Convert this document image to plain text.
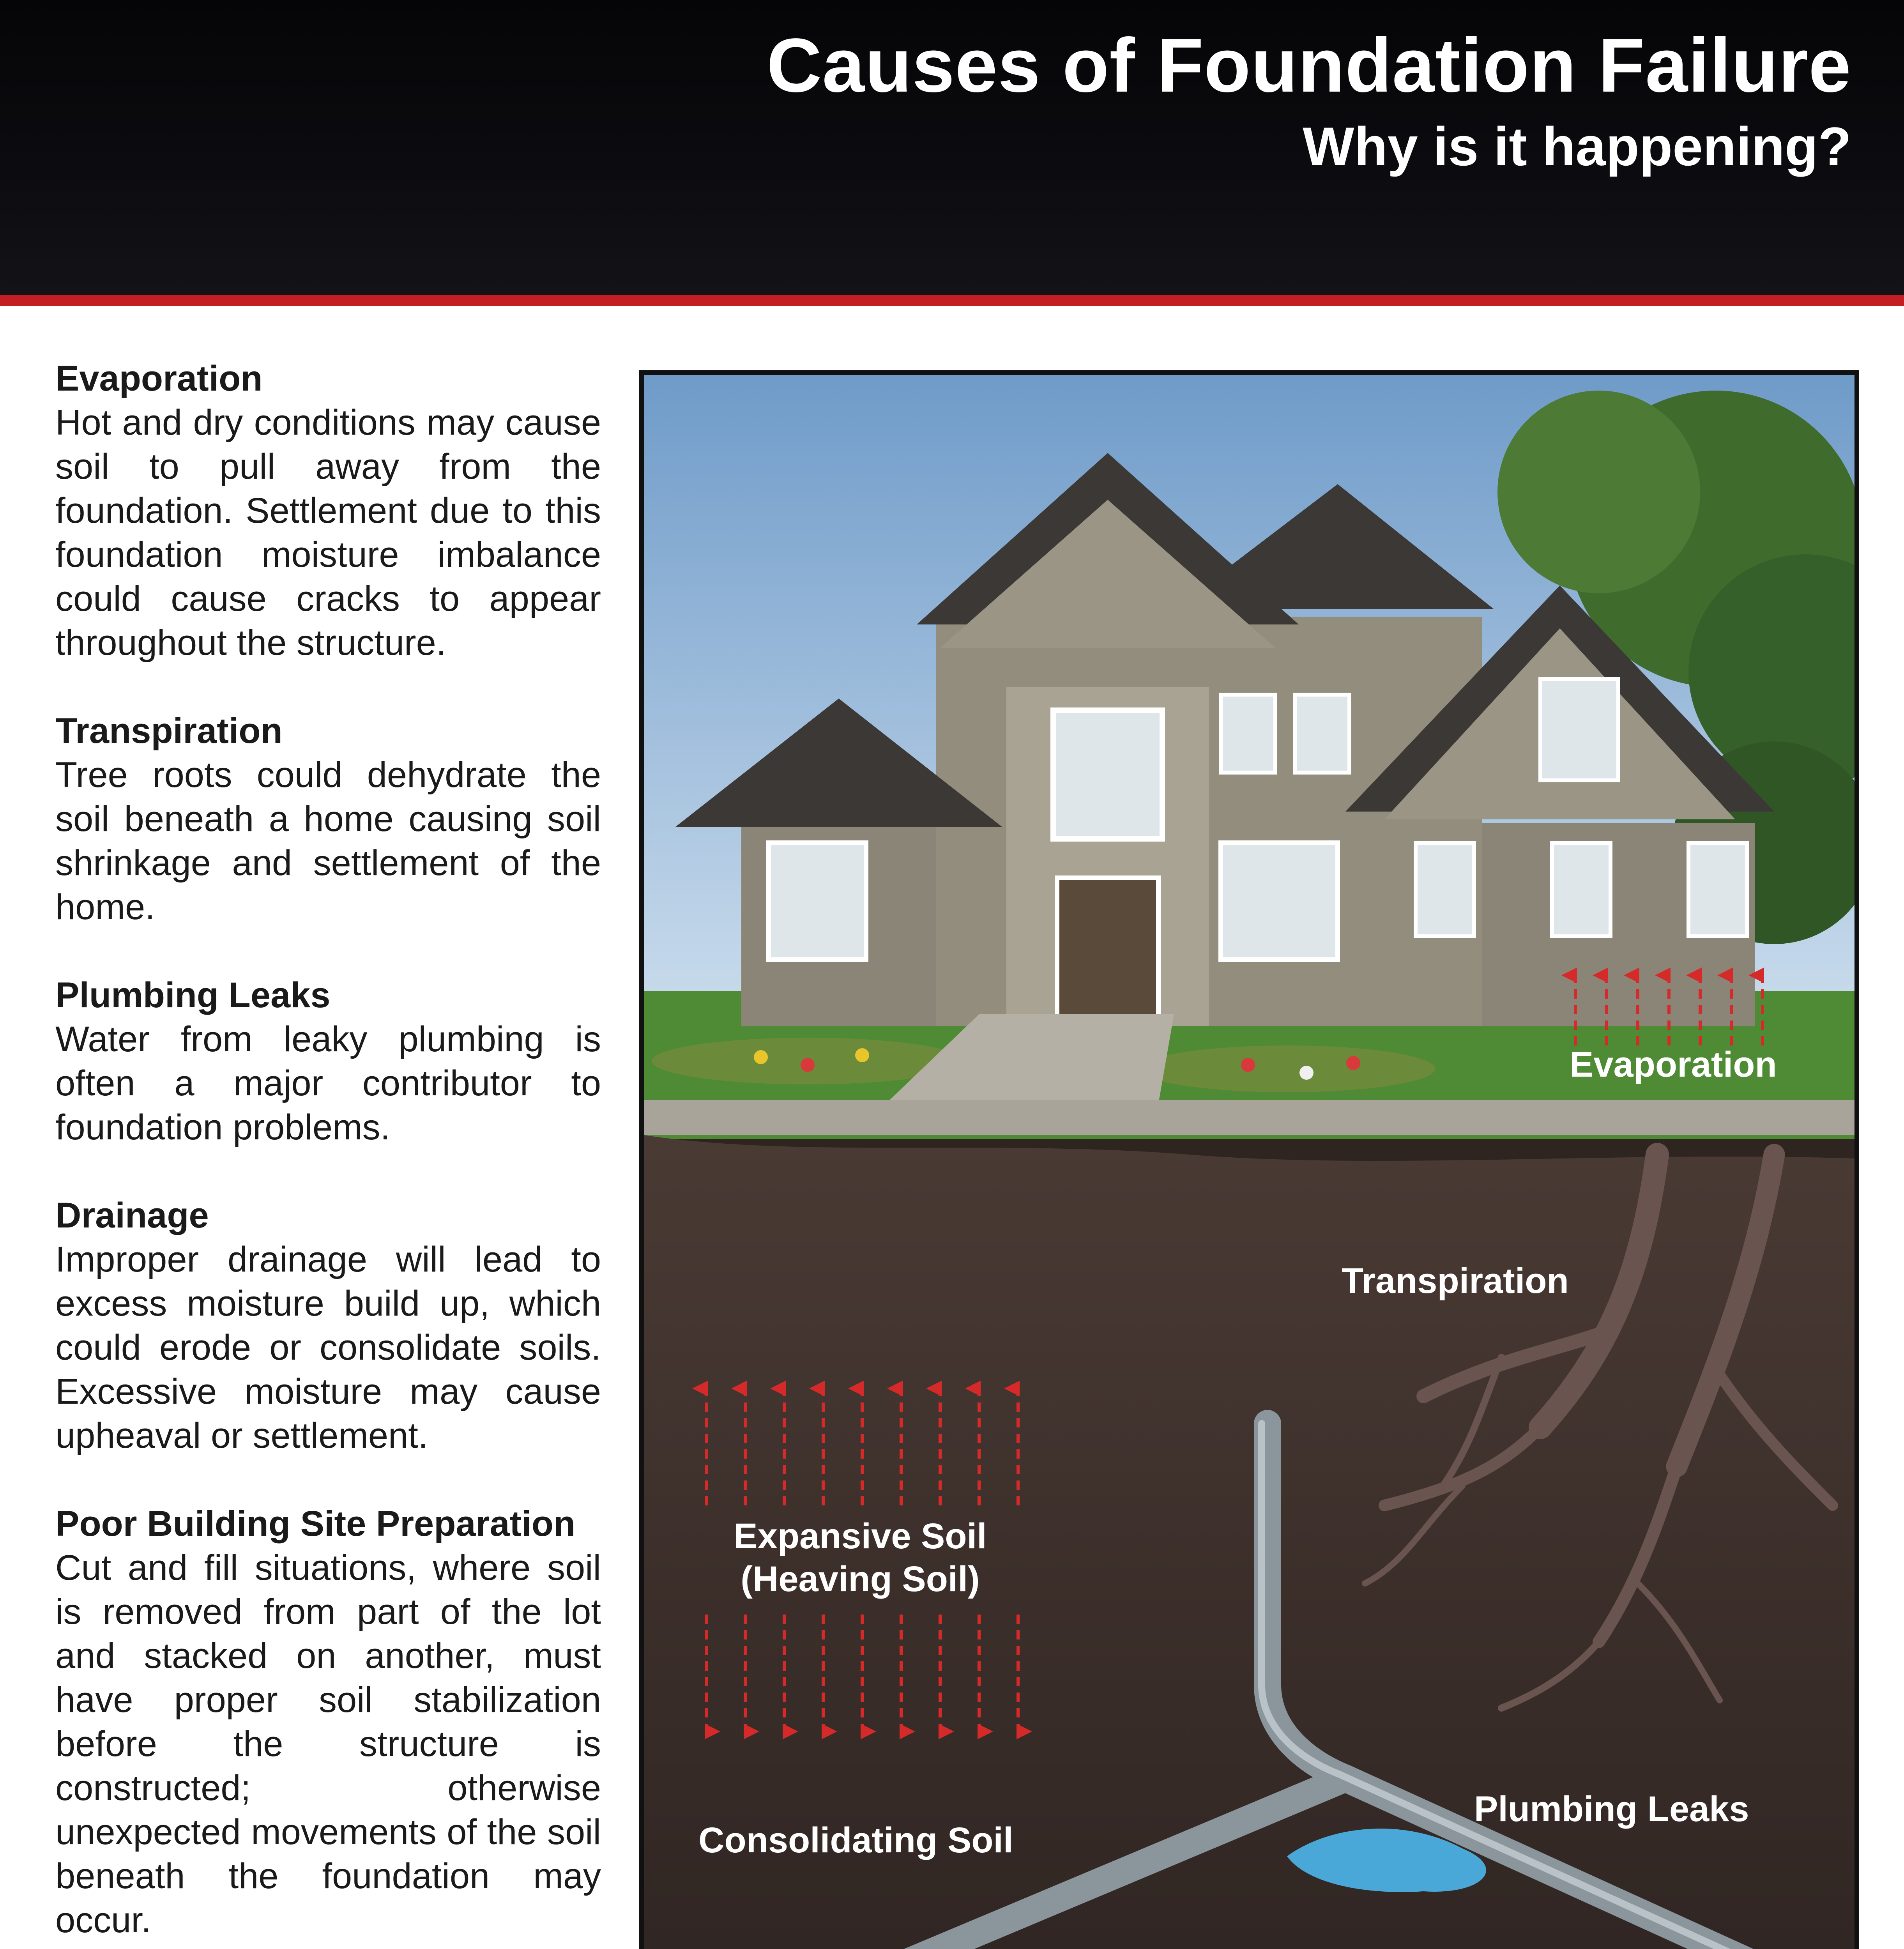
Causes of Foundation Failure
Why is it happening?
Evaporation

Hot and dry conditions may cause soil to pull away from the foundation. Settlement due to this foundation moisture imbalance could cause cracks to appear throughout the structure.

Transpiration

Tree roots could dehydrate the soil beneath a home causing soil shrinkage and settlement of the home.

Plumbing Leaks

Water from leaky plumbing is often a major contributor to foundation problems.

Drainage

Improper drainage will lead to excess moisture build up, which could erode or consolidate soils. Excessive moisture may cause upheaval or settlement.

Poor Building Site Preparation

Cut and fill situations, where soil is removed from part of the lot and stacked on another, must have proper soil stabilization before the structure is constructed; otherwise unexpected movements of the soil beneath the foundation may occur.

Evaporation
Transpiration
Expansive Soil
(Heaving Soil)
Plumbing Leaks
Consolidating Soil
